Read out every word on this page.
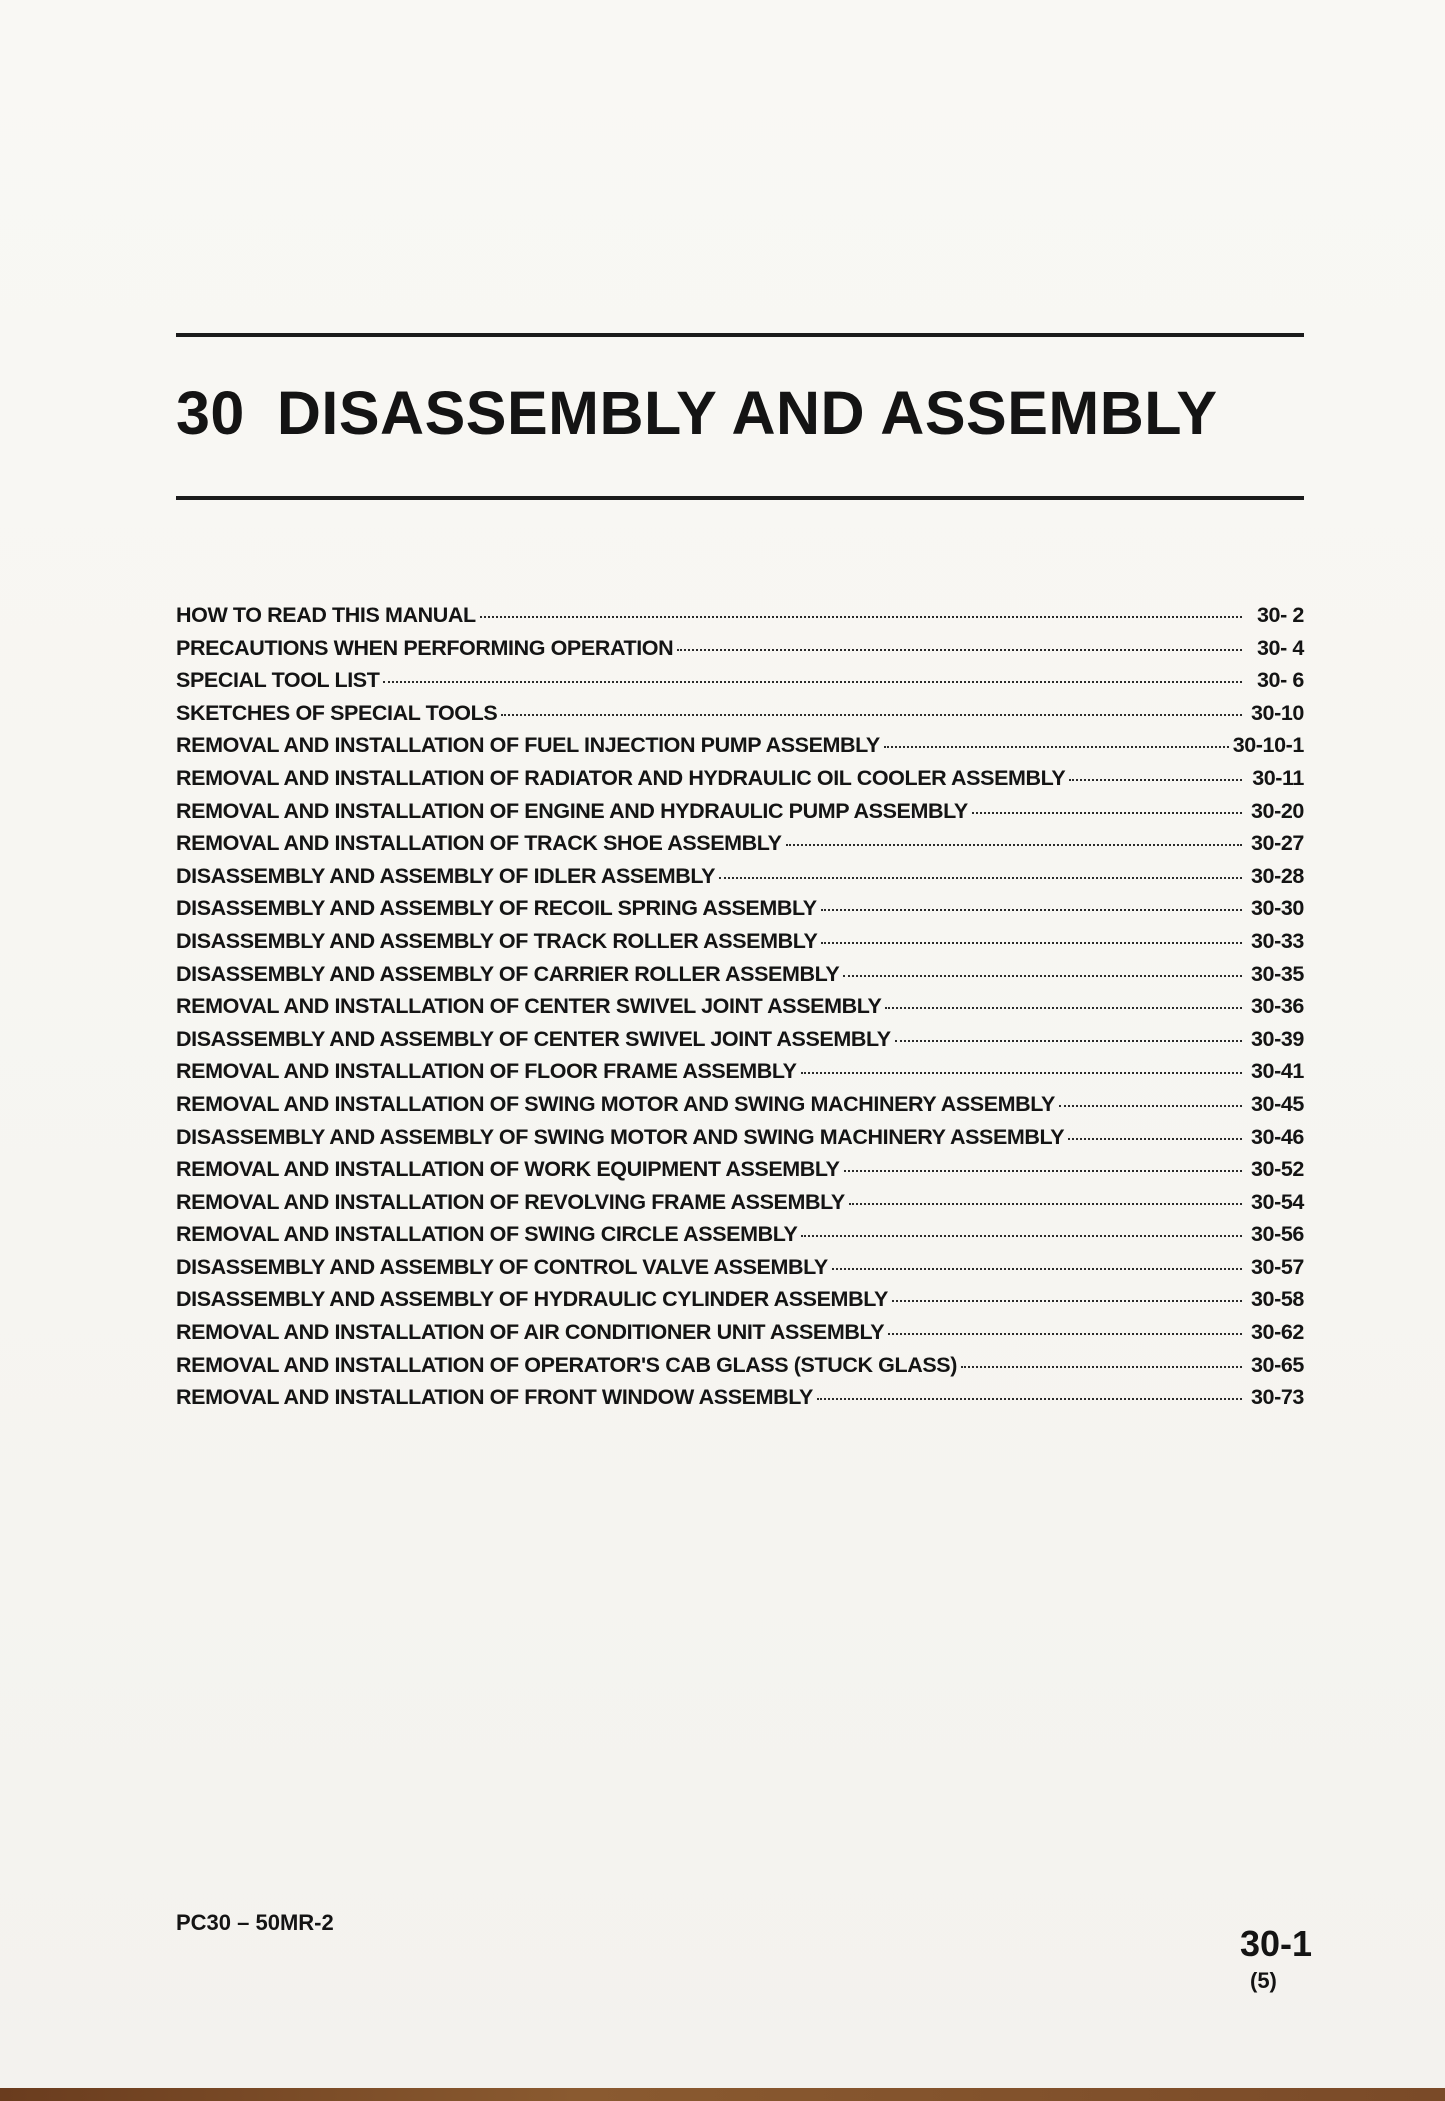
30 DISASSEMBLY AND ASSEMBLY
HOW TO READ THIS MANUAL	30- 2
PRECAUTIONS WHEN PERFORMING OPERATION	30- 4
SPECIAL TOOL LIST	30- 6
SKETCHES OF SPECIAL TOOLS	30-10
REMOVAL AND INSTALLATION OF FUEL INJECTION PUMP ASSEMBLY	30-10-1
REMOVAL AND INSTALLATION OF RADIATOR AND HYDRAULIC OIL COOLER ASSEMBLY	30-11
REMOVAL AND INSTALLATION OF ENGINE AND HYDRAULIC PUMP ASSEMBLY	30-20
REMOVAL AND INSTALLATION OF TRACK SHOE ASSEMBLY	30-27
DISASSEMBLY AND ASSEMBLY OF IDLER ASSEMBLY	30-28
DISASSEMBLY AND ASSEMBLY OF RECOIL SPRING ASSEMBLY	30-30
DISASSEMBLY AND ASSEMBLY OF TRACK ROLLER ASSEMBLY	30-33
DISASSEMBLY AND ASSEMBLY OF CARRIER ROLLER ASSEMBLY	30-35
REMOVAL AND INSTALLATION OF CENTER SWIVEL JOINT ASSEMBLY	30-36
DISASSEMBLY AND ASSEMBLY OF CENTER SWIVEL JOINT ASSEMBLY	30-39
REMOVAL AND INSTALLATION OF FLOOR FRAME ASSEMBLY	30-41
REMOVAL AND INSTALLATION OF SWING MOTOR AND SWING MACHINERY ASSEMBLY	30-45
DISASSEMBLY AND ASSEMBLY OF SWING MOTOR AND SWING MACHINERY ASSEMBLY	30-46
REMOVAL AND INSTALLATION OF WORK EQUIPMENT ASSEMBLY	30-52
REMOVAL AND INSTALLATION OF REVOLVING FRAME ASSEMBLY	30-54
REMOVAL AND INSTALLATION OF SWING CIRCLE ASSEMBLY	30-56
DISASSEMBLY AND ASSEMBLY OF CONTROL VALVE ASSEMBLY	30-57
DISASSEMBLY AND ASSEMBLY OF HYDRAULIC CYLINDER ASSEMBLY	30-58
REMOVAL AND INSTALLATION OF AIR CONDITIONER UNIT ASSEMBLY	30-62
REMOVAL AND INSTALLATION OF OPERATOR'S CAB GLASS (STUCK GLASS)	30-65
REMOVAL AND INSTALLATION OF FRONT WINDOW ASSEMBLY	30-73
PC30 – 50MR-2
30-1
(5)
